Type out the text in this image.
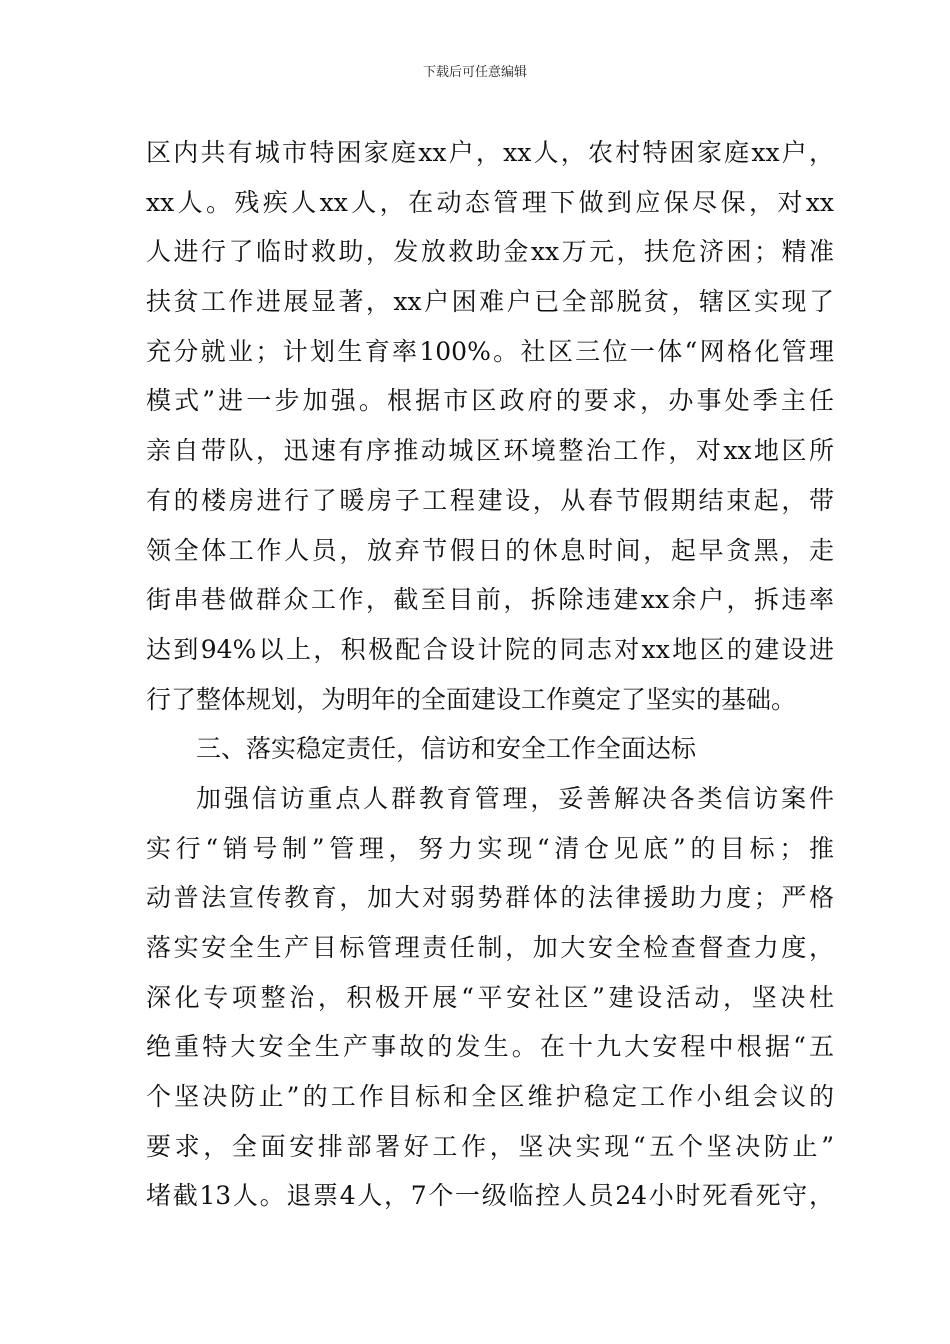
下载后可任意编辑
区内共有城市特困家庭xx户，xx人，农村特困家庭xx户，
xx人。残疾人xx人，在动态管理下做到应保尽保，对xx
人进行了临时救助，发放救助金xx万元，扶危济困；精准
扶贫工作进展显著，xx户困难户已全部脱贫，辖区实现了
充分就业；计划生育率100%。社区三位一体“网格化管理
模式”进一步加强。根据市区政府的要求，办事处季主任
亲自带队，迅速有序推动城区环境整治工作，对xx地区所
有的楼房进行了暖房子工程建设，从春节假期结束起，带
领全体工作人员，放弃节假日的休息时间，起早贪黑，走
街串巷做群众工作，截至目前，拆除违建xx余户，拆违率
达到94%以上，积极配合设计院的同志对xx地区的建设进
行了整体规划，为明年的全面建设工作奠定了坚实的基础。
三、落实稳定责任，信访和安全工作全面达标
加强信访重点人群教育管理，妥善解决各类信访案件
实行“销号制”管理，努力实现“清仓见底”的目标；推
动普法宣传教育，加大对弱势群体的法律援助力度；严格
落实安全生产目标管理责任制，加大安全检查督查力度，
深化专项整治，积极开展“平安社区”建设活动，坚决杜
绝重特大安全生产事故的发生。在十九大安程中根据“五
个坚决防止”的工作目标和全区维护稳定工作小组会议的
要求，全面安排部署好工作，坚决实现“五个坚决防止”
堵截13人。退票4人，7个一级临控人员24小时死看死守，
